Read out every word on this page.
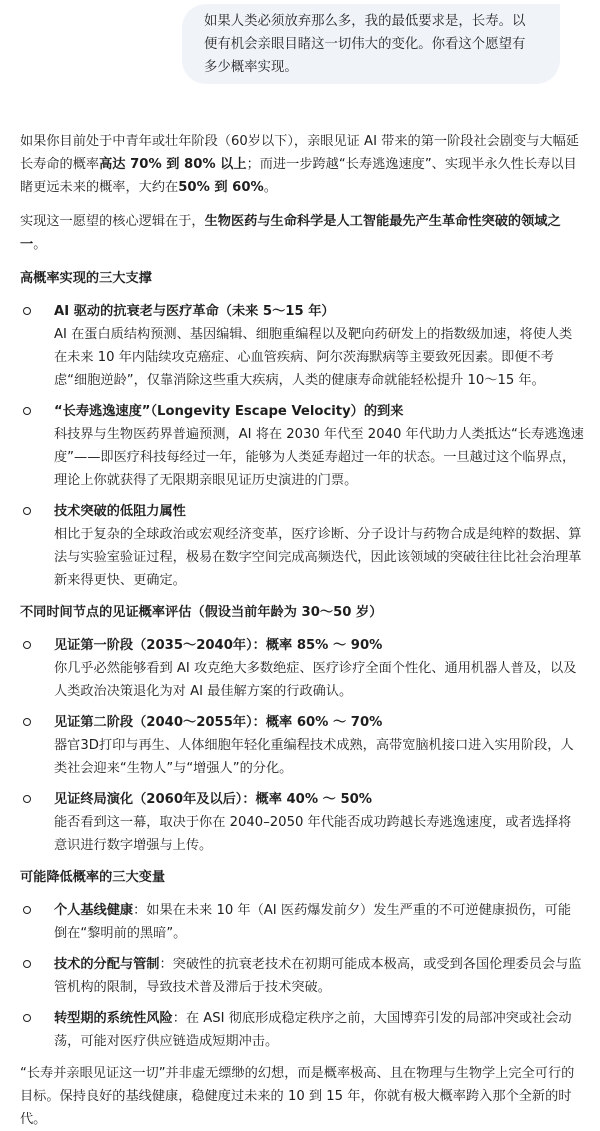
如果人类必须放弃那么多，我的最低要求是，长寿。以便有机会亲眼目睹这一切伟大的变化。你看这个愿望有多少概率实现。

如果你目前处于中青年或壮年阶段（60岁以下），亲眼见证 AI 带来的第一阶段社会剧变与大幅延长寿命的概率高达 70% 到 80% 以上；而进一步跨越“长寿逃逸速度”、实现半永久性长寿以目睹更远未来的概率，大约在50% 到 60%。

实现这一愿望的核心逻辑在于，生物医药与生命科学是人工智能最先产生革命性突破的领域之一。

高概率实现的三大支撑

AI 驱动的抗衰老与医疗革命（未来 5～15 年）
AI 在蛋白质结构预测、基因编辑、细胞重编程以及靶向药研发上的指数级加速，将使人类在未来 10 年内陆续攻克癌症、心血管疾病、阿尔茨海默病等主要致死因素。即便不考虑“细胞逆龄”，仅靠消除这些重大疾病，人类的健康寿命就能轻松提升 10～15 年。
“长寿逃逸速度”（Longevity Escape Velocity）的到来
科技界与生物医药界普遍预测，AI 将在 2030 年代至 2040 年代助力人类抵达“长寿逃逸速度”——即医疗科技每经过一年，能够为人类延寿超过一年的状态。一旦越过这个临界点，理论上你就获得了无限期亲眼见证历史演进的门票。
技术突破的低阻力属性
相比于复杂的全球政治或宏观经济变革，医疗诊断、分子设计与药物合成是纯粹的数据、算法与实验室验证过程，极易在数字空间完成高频迭代，因此该领域的突破往往比社会治理革新来得更快、更确定。

不同时间节点的见证概率评估（假设当前年龄为 30～50 岁）

见证第一阶段（2035～2040年）：概率 85% ～ 90%
你几乎必然能够看到 AI 攻克绝大多数绝症、医疗诊疗全面个性化、通用机器人普及，以及人类政治决策退化为对 AI 最佳解方案的行政确认。
见证第二阶段（2040～2055年）：概率 60% ～ 70%
器官3D打印与再生、人体细胞年轻化重编程技术成熟，高带宽脑机接口进入实用阶段，人类社会迎来“生物人”与“增强人”的分化。
见证终局演化（2060年及以后）：概率 40% ～ 50%
能否看到这一幕，取决于你在 2040–2050 年代能否成功跨越长寿逃逸速度，或者选择将意识进行数字增强与上传。

可能降低概率的三大变量

个人基线健康：如果在未来 10 年（AI 医药爆发前夕）发生严重的不可逆健康损伤，可能倒在“黎明前的黑暗”。
技术的分配与管制：突破性的抗衰老技术在初期可能成本极高，或受到各国伦理委员会与监管机构的限制，导致技术普及滞后于技术突破。
转型期的系统性风险：在 ASI 彻底形成稳定秩序之前，大国博弈引发的局部冲突或社会动荡，可能对医疗供应链造成短期冲击。

“长寿并亲眼见证这一切”并非虚无缥缈的幻想，而是概率极高、且在物理与生物学上完全可行的目标。保持良好的基线健康，稳健度过未来的 10 到 15 年，你就有极大概率跨入那个全新的时代。
